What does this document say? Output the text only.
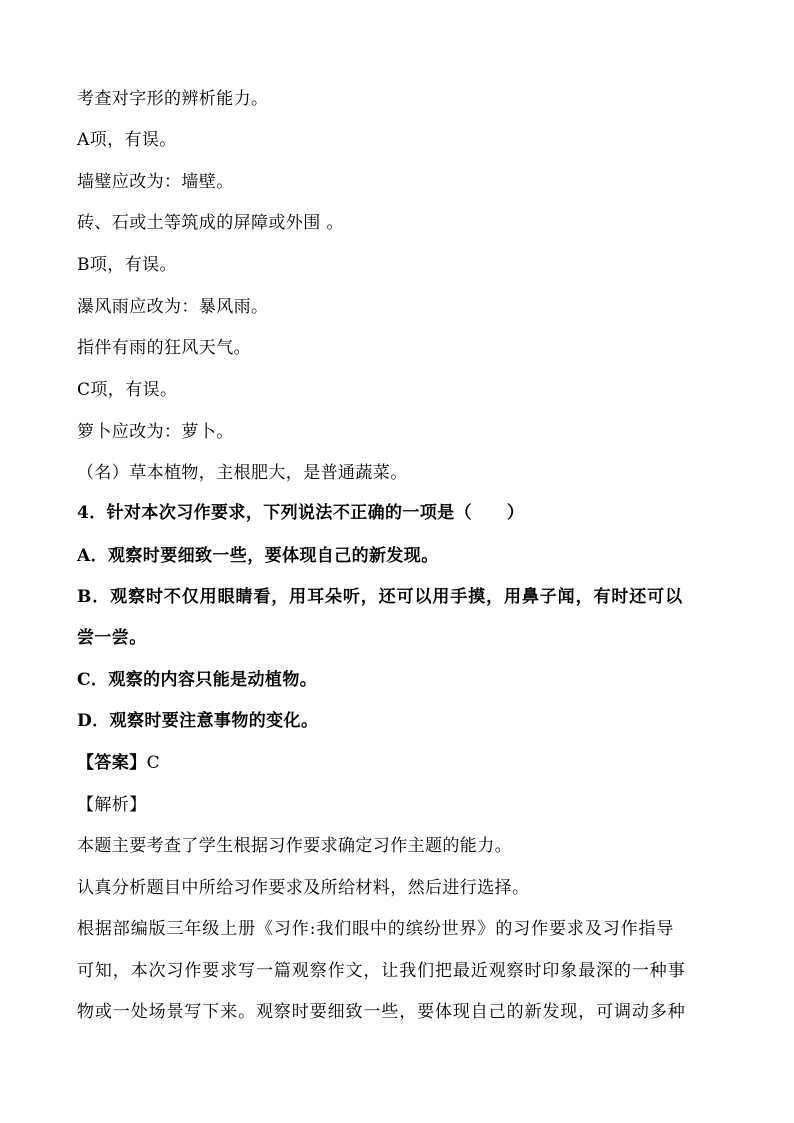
考查对字形的辨析能力。
A项，有误。
墙璧应改为：墙壁。
砖、石或土等筑成的屏障或外围 。
B项，有误。
瀑风雨应改为：暴风雨。
指伴有雨的狂风天气。
C项，有误。
箩卜应改为：萝卜。
（名）草本植物，主根肥大，是普通蔬菜。
4．针对本次习作要求，下列说法不正确的一项是（　　）
A．观察时要细致一些，要体现自己的新发现。
B．观察时不仅用眼睛看，用耳朵听，还可以用手摸，用鼻子闻，有时还可以
尝一尝。
C．观察的内容只能是动植物。
D．观察时要注意事物的变化。
【答案】C
【解析】
本题主要考查了学生根据习作要求确定习作主题的能力。
认真分析题目中所给习作要求及所给材料，然后进行选择。
根据部编版三年级上册《习作:我们眼中的缤纷世界》的习作要求及习作指导
可知，本次习作要求写一篇观察作文，让我们把最近观察时印象最深的一种事
物或一处场景写下来。观察时要细致一些，要体现自己的新发现，可调动多种
